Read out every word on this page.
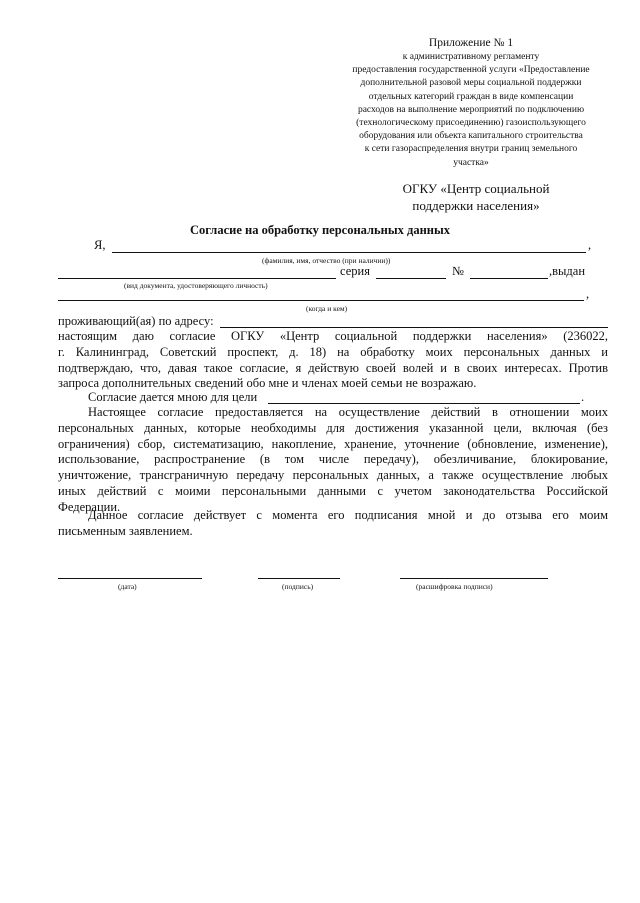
Приложение № 1
к административному регламенту
предоставления государственной услуги «Предоставление
дополнительной разовой меры социальной поддержки
отдельных категорий граждан в виде компенсации
расходов на выполнение мероприятий по подключению
(технологическому присоединению) газоиспользующего
оборудования или объекта капитального строительства
к сети газораспределения внутри границ земельного
участка»
ОГКУ «Центр социальной
поддержки населения»
Согласие на обработку персональных данных
Я,	,
(фамилия, имя, отчество (при наличии))
серия	№	,выдан
(вид документа, удостоверяющего личность)
,
(когда и кем)
проживающий(ая) по адресу:
настоящим даю согласие ОГКУ «Центр социальной поддержки населения» (236022,
г. Калининград, Советский проспект, д. 18) на обработку моих персональных данных и
подтверждаю, что, давая такое согласие, я действую своей волей и в своих интересах. Против
запроса дополнительных сведений обо мне и членах моей семьи не возражаю.
Согласие дается мною для цели	.
Настоящее согласие предоставляется на осуществление действий в отношении моих
персональных данных, которые необходимы для достижения указанной цели, включая (без
ограничения) сбор, систематизацию, накопление, хранение, уточнение (обновление, изменение),
использование, распространение (в том числе передачу), обезличивание, блокирование,
уничтожение, трансграничную передачу персональных данных, а также осуществление любых
иных действий с моими персональными данными с учетом законодательства Российской
Федерации.
Данное согласие действует с момента его подписания мной и до отзыва его моим
письменным заявлением.
(дата)	(подпись)	(расшифровка подписи)
